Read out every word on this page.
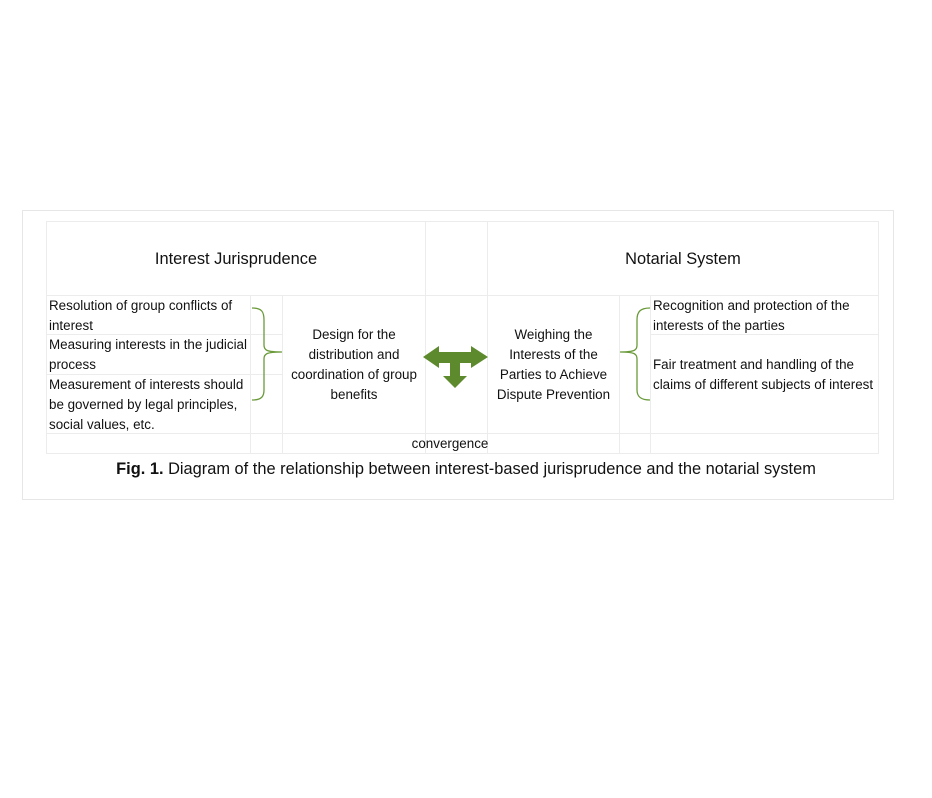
Interest Jurisprudence	Notarial System
Resolution of group conflicts of interest
Measuring interests in the judicial process
Measurement of interests should be governed by legal principles, social values, etc.
Design for the distribution and coordination of group benefits
Weighing the Interests of the Parties to Achieve Dispute Prevention
Recognition and protection of the interests of the parties
Fair treatment and handling of the claims of different subjects of interest
convergence
Fig. 1. Diagram of the relationship between interest-based jurisprudence and the notarial system
